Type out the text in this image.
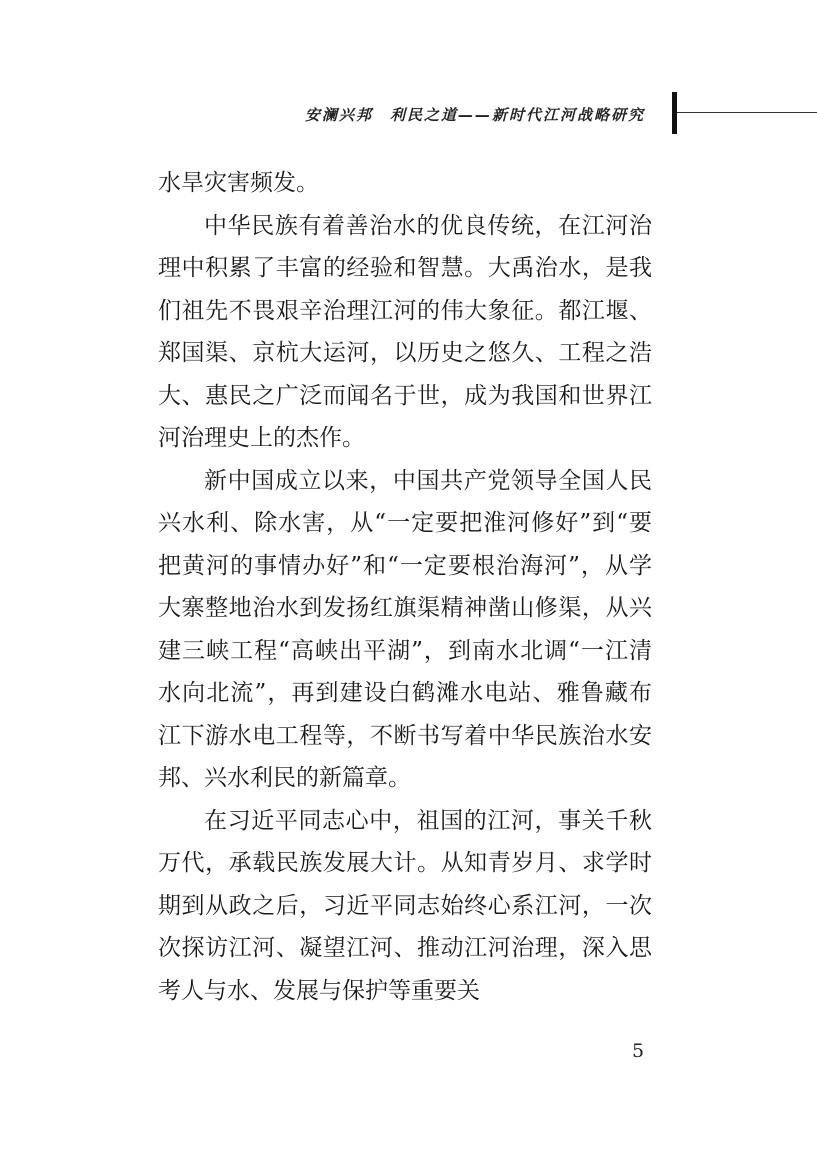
安澜兴邦　利民之道——新时代江河战略研究

水旱灾害频发。

中华民族有着善治水的优良传统，在江河治理中积累了丰富的经验和智慧。大禹治水，是我们祖先不畏艰辛治理江河的伟大象征。都江堰、郑国渠、京杭大运河，以历史之悠久、工程之浩大、惠民之广泛而闻名于世，成为我国和世界江河治理史上的杰作。

新中国成立以来，中国共产党领导全国人民兴水利、除水害，从“一定要把淮河修好”到“要把黄河的事情办好”和“一定要根治海河”，从学大寨整地治水到发扬红旗渠精神凿山修渠，从兴建三峡工程“高峡出平湖”，到南水北调“一江清水向北流”，再到建设白鹤滩水电站、雅鲁藏布江下游水电工程等，不断书写着中华民族治水安邦、兴水利民的新篇章。

在习近平同志心中，祖国的江河，事关千秋万代，承载民族发展大计。从知青岁月、求学时期到从政之后，习近平同志始终心系江河，一次次探访江河、凝望江河、推动江河治理，深入思考人与水、发展与保护等重要关

5
